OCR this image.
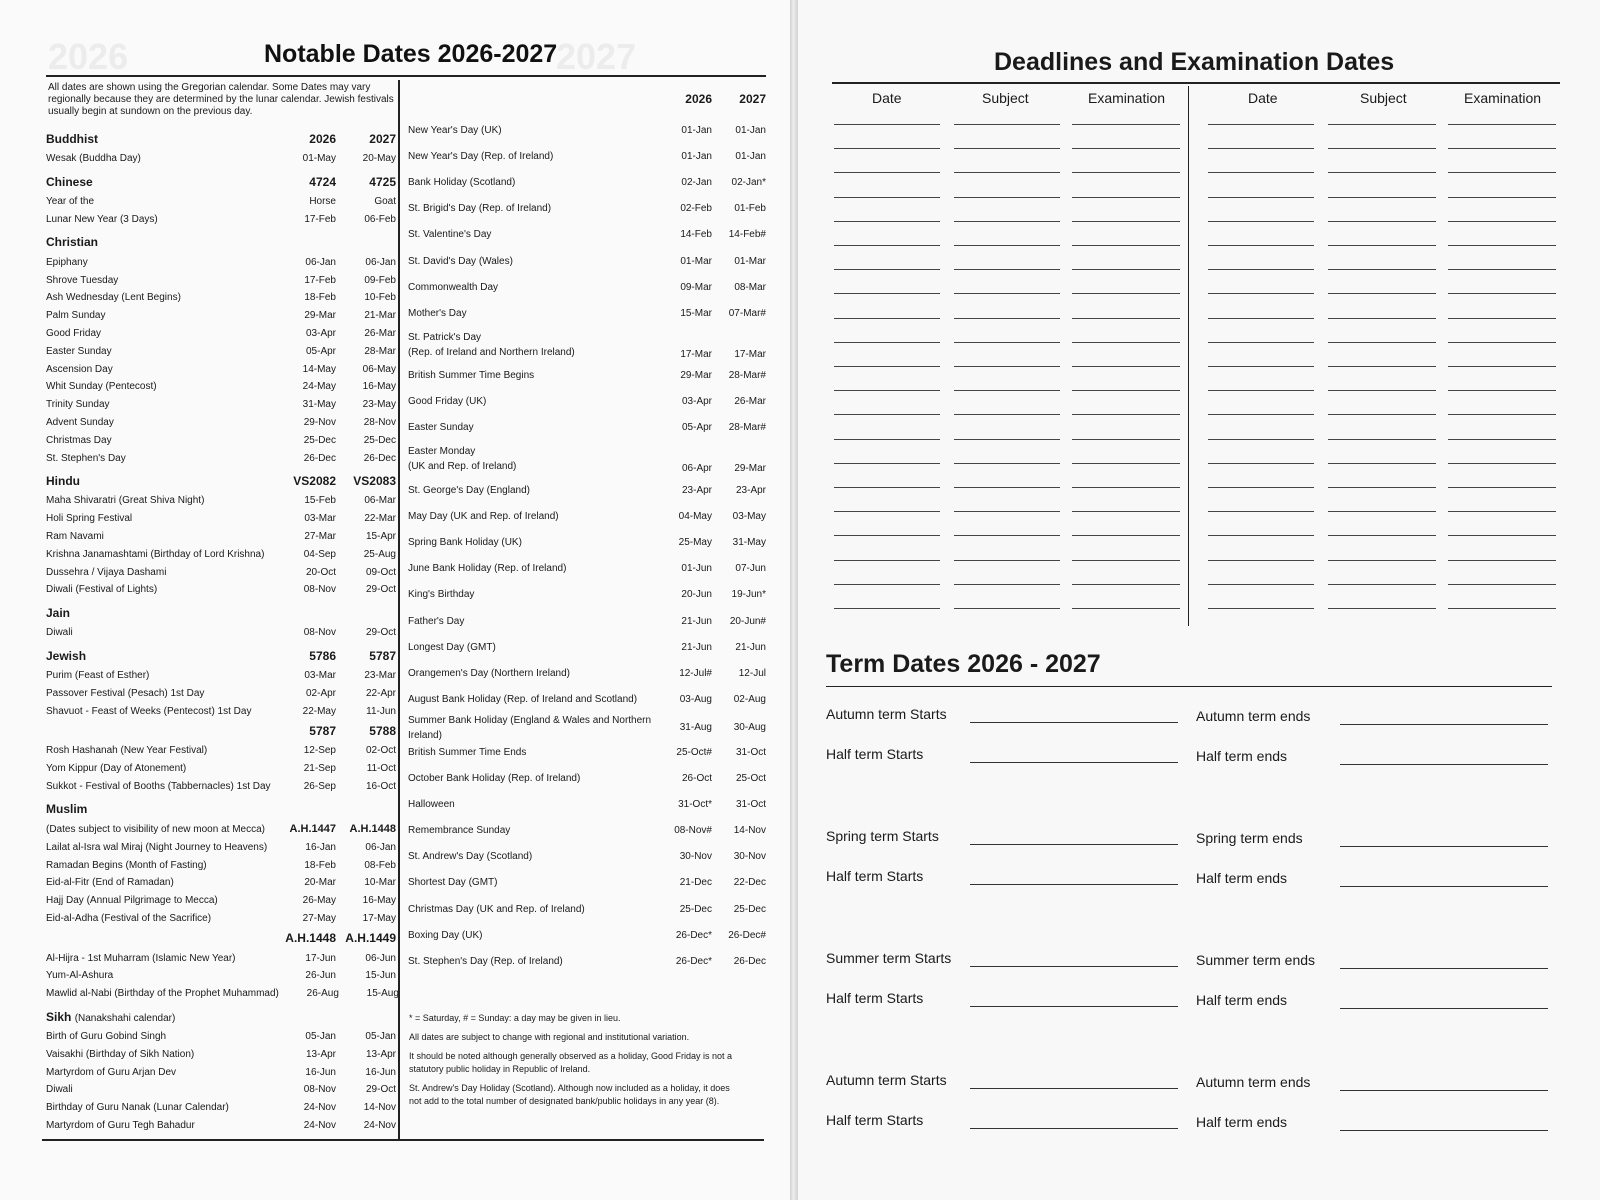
2026	2027
Notable Dates 2026-2027
All dates are shown using the Gregorian calendar. Some Dates may vary regionally because they are determined by the lunar calendar. Jewish festivals usually begin at sundown on the previous day.
Buddhist	2026	2027
Wesak (Buddha Day)	01-May	20-May
Chinese	4724	4725
Year of the	Horse	Goat
Lunar New Year (3 Days)	17-Feb	06-Feb
Christian
Epiphany	06-Jan	06-Jan
Shrove Tuesday	17-Feb	09-Feb
Ash Wednesday (Lent Begins)	18-Feb	10-Feb
Palm Sunday	29-Mar	21-Mar
Good Friday	03-Apr	26-Mar
Easter Sunday	05-Apr	28-Mar
Ascension Day	14-May	06-May
Whit Sunday (Pentecost)	24-May	16-May
Trinity Sunday	31-May	23-May
Advent Sunday	29-Nov	28-Nov
Christmas Day	25-Dec	25-Dec
St. Stephen's Day	26-Dec	26-Dec
Hindu	VS2082	VS2083
Maha Shivaratri (Great Shiva Night)	15-Feb	06-Mar
Holi Spring Festival	03-Mar	22-Mar
Ram Navami	27-Mar	15-Apr
Krishna Janamashtami (Birthday of Lord Krishna)	04-Sep	25-Aug
Dussehra / Vijaya Dashami	20-Oct	09-Oct
Diwali (Festival of Lights)	08-Nov	29-Oct
Jain
Diwali	08-Nov	29-Oct
Jewish	5786	5787
Purim (Feast of Esther)	03-Mar	23-Mar
Passover Festival (Pesach) 1st Day	02-Apr	22-Apr
Shavuot - Feast of Weeks (Pentecost) 1st Day	22-May	11-Jun
5787	5788
Rosh Hashanah (New Year Festival)	12-Sep	02-Oct
Yom Kippur (Day of Atonement)	21-Sep	11-Oct
Sukkot - Festival of Booths (Tabbernacles) 1st Day	26-Sep	16-Oct
Muslim
(Dates subject to visibility of new moon at Mecca)	A.H.1447	A.H.1448
Lailat al-Isra wal Miraj (Night Journey to Heavens)	16-Jan	06-Jan
Ramadan Begins (Month of Fasting)	18-Feb	08-Feb
Eid-al-Fitr (End of Ramadan)	20-Mar	10-Mar
Hajj Day (Annual Pilgrimage to Mecca)	26-May	16-May
Eid-al-Adha (Festival of the Sacrifice)	27-May	17-May
A.H.1448 A.H.1449
Al-Hijra - 1st Muharram (Islamic New Year)	17-Jun	06-Jun
Yum-Al-Ashura	26-Jun	15-Jun
Mawlid al-Nabi (Birthday of the Prophet Muhammad)	26-Aug	15-Aug
Sikh (Nanakshahi calendar)
Birth of Guru Gobind Singh	05-Jan	05-Jan
Vaisakhi (Birthday of Sikh Nation)	13-Apr	13-Apr
Martyrdom of Guru Arjan Dev	16-Jun	16-Jun
Diwali	08-Nov	29-Oct
Birthday of Guru Nanak (Lunar Calendar)	24-Nov	14-Nov
Martyrdom of Guru Tegh Bahadur	24-Nov	24-Nov
2026	2027
New Year's Day (UK)	01-Jan	01-Jan
New Year's Day (Rep. of Ireland)	01-Jan	01-Jan
Bank Holiday (Scotland)	02-Jan	02-Jan*
St. Brigid's Day (Rep. of Ireland)	02-Feb	01-Feb
St. Valentine's Day	14-Feb	14-Feb#
St. David's Day (Wales)	01-Mar	01-Mar
Commonwealth Day	09-Mar	08-Mar
Mother's Day	15-Mar	07-Mar#
St. Patrick's Day
(Rep. of Ireland and Northern Ireland)	17-Mar	17-Mar
British Summer Time Begins	29-Mar	28-Mar#
Good Friday (UK)	03-Apr	26-Mar
Easter Sunday	05-Apr	28-Mar#
Easter Monday
(UK and Rep. of Ireland)	06-Apr	29-Mar
St. George's Day (England)	23-Apr	23-Apr
May Day (UK and Rep. of Ireland)	04-May	03-May
Spring Bank Holiday (UK)	25-May	31-May
June Bank Holiday (Rep. of Ireland)	01-Jun	07-Jun
King's Birthday	20-Jun	19-Jun*
Father's Day	21-Jun	20-Jun#
Longest Day (GMT)	21-Jun	21-Jun
Orangemen's Day (Northern Ireland)	12-Jul#	12-Jul
August Bank Holiday (Rep. of Ireland and Scotland)	03-Aug	02-Aug
Summer Bank Holiday (England & Wales and Northern Ireland)
31-Aug	30-Aug
British Summer Time Ends	25-Oct#	31-Oct
October Bank Holiday (Rep. of Ireland)	26-Oct	25-Oct
Halloween	31-Oct*	31-Oct
Remembrance Sunday	08-Nov#	14-Nov
St. Andrew's Day (Scotland)	30-Nov	30-Nov
Shortest Day (GMT)	21-Dec	22-Dec
Christmas Day (UK and Rep. of Ireland)	25-Dec	25-Dec
Boxing Day (UK)	26-Dec*	26-Dec#
St. Stephen's Day (Rep. of Ireland)	26-Dec*	26-Dec

* = Saturday, # = Sunday: a day may be given in lieu.

All dates are subject to change with regional and institutional variation.

It should be noted although generally observed as a holiday, Good Friday is not a statutory public holiday in Republic of Ireland.

St. Andrew's Day Holiday (Scotland). Although now included as a holiday, it does not add to the total number of designated bank/public holidays in any year (8).

Deadlines and Examination Dates
Date	Subject	Examination	Date	Subject	Examination
Term Dates 2026 - 2027
Autumn term Starts	Autumn term ends
Half term Starts	Half term ends
Spring term Starts	Spring term ends
Half term Starts	Half term ends
Summer term Starts	Summer term ends
Half term Starts	Half term ends
Autumn term Starts	Autumn term ends
Half term Starts	Half term ends
